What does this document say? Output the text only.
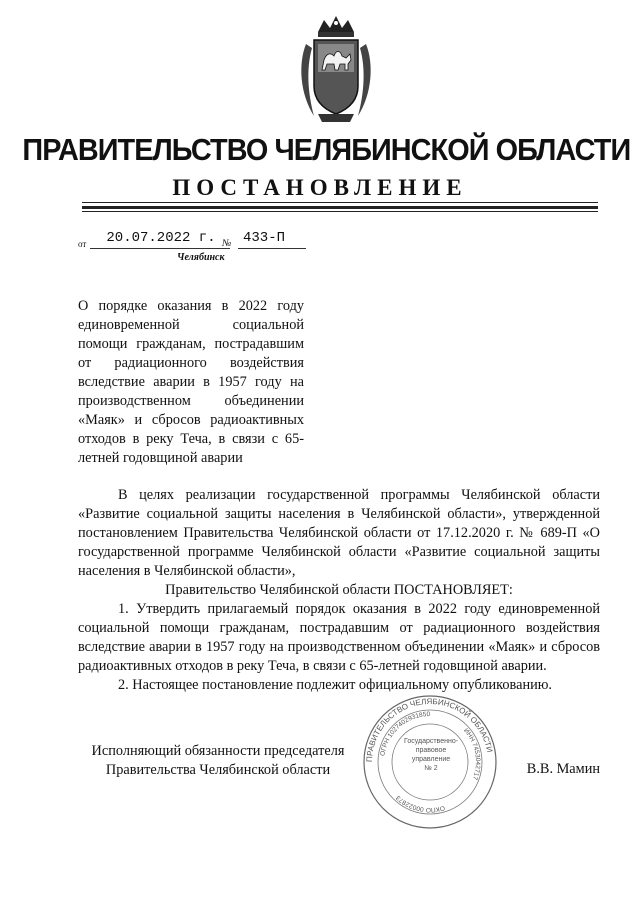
ПРАВИТЕЛЬСТВО ЧЕЛЯБИНСКОЙ ОБЛАСТИ
ПОСТАНОВЛЕНИЕ
от 20.07.2022 г. № 433-П
Челябинск
О порядке оказания в 2022 году единовременной социальной помощи гражданам, пострадавшим от радиационного воздействия вследствие аварии в 1957 году на производственном объединении «Маяк» и сбросов радиоактивных отходов в реку Теча, в связи с 65-летней годовщиной аварии

В целях реализации государственной программы Челябинской области «Развитие социальной защиты населения в Челябинской области», утвержденной постановлением Правительства Челябинской области от 17.12.2020 г. № 689-П «О государственной программе Челябинской области «Развитие социальной защиты населения в Челябинской области»,

Правительство Челябинской области ПОСТАНОВЛЯЕТ:

1. Утвердить прилагаемый порядок оказания в 2022 году единовременной социальной помощи гражданам, пострадавшим от радиационного воздействия вследствие аварии в 1957 году на производственном объединении «Маяк» и сбросов радиоактивных отходов в реку Теча, в связи с 65-летней годовщиной аварии.

2. Настоящее постановление подлежит официальному опубликованию.

Исполняющий обязанности председателя
Правительства Челябинской области
ПРАВИТЕЛЬСТВО ЧЕЛЯБИНСКОЙ ОБЛАСТИ
ОГРН 1027402931850
ИНН 7453042717
ОКПО 00022873
Государственно-
правовое
управление
№ 2	В.В. Мамин
